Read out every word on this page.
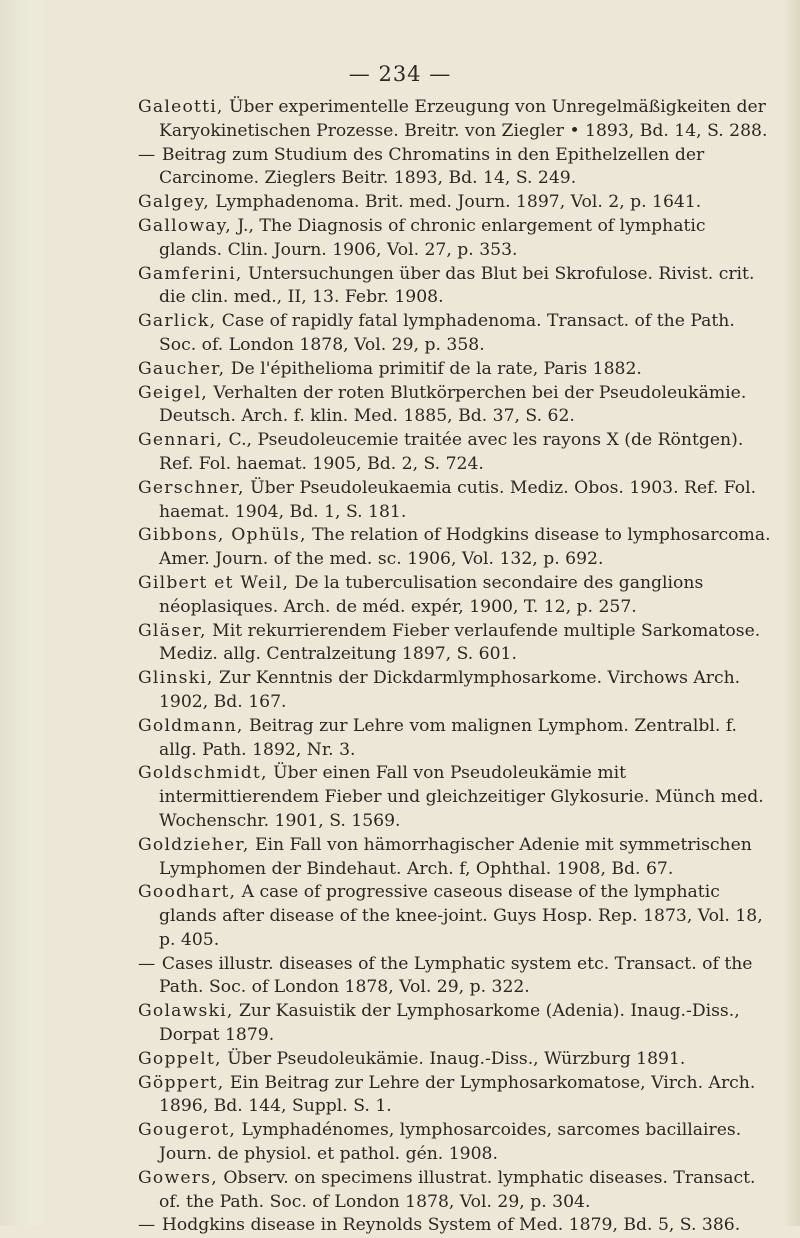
— 234 —

Galeotti, Über experimentelle Erzeugung von Unregelmäßigkeiten der Karyokinetischen Prozesse. Breitr. von Ziegler • 1893, Bd. 14, S. 288.

— Beitrag zum Studium des Chromatins in den Epithelzellen der Carcinome. Zieglers Beitr. 1893, Bd. 14, S. 249.

Galgey, Lymphadenoma. Brit. med. Journ. 1897, Vol. 2, p. 1641.

Galloway, J., The Diagnosis of chronic enlargement of lymphatic glands. Clin. Journ. 1906, Vol. 27, p. 353.

Gamferini, Untersuchungen über das Blut bei Skrofulose. Rivist. crit. die clin. med., II, 13. Febr. 1908.

Garlick, Case of rapidly fatal lymphadenoma. Transact. of the Path. Soc. of. London 1878, Vol. 29, p. 358.

Gaucher, De l'épithelioma primitif de la rate, Paris 1882.

Geigel, Verhalten der roten Blutkörperchen bei der Pseudoleukämie. Deutsch. Arch. f. klin. Med. 1885, Bd. 37, S. 62.

Gennari, C., Pseudoleucemie traitée avec les rayons X (de Röntgen). Ref. Fol. haemat. 1905, Bd. 2, S. 724.

Gerschner, Über Pseudoleukaemia cutis. Mediz. Obos. 1903. Ref. Fol. haemat. 1904, Bd. 1, S. 181.

Gibbons, Ophüls, The relation of Hodgkins disease to lymphosarcoma. Amer. Journ. of the med. sc. 1906, Vol. 132, p. 692.

Gilbert et Weil, De la tuberculisation secondaire des ganglions néoplasiques. Arch. de méd. expér, 1900, T. 12, p. 257.

Gläser, Mit rekurrierendem Fieber verlaufende multiple Sarkomatose. Mediz. allg. Centralzeitung 1897, S. 601.

Glinski, Zur Kenntnis der Dickdarmlymphosarkome. Virchows Arch. 1902, Bd. 167.

Goldmann, Beitrag zur Lehre vom malignen Lymphom. Zentralbl. f. allg. Path. 1892, Nr. 3.

Goldschmidt, Über einen Fall von Pseudoleukämie mit intermittierendem Fieber und gleichzeitiger Glykosurie. Münch med. Wochenschr. 1901, S. 1569.

Goldzieher, Ein Fall von hämorrhagischer Adenie mit symmetrischen Lymphomen der Bindehaut. Arch. f, Ophthal. 1908, Bd. 67.

Goodhart, A case of progressive caseous disease of the lymphatic glands after disease of the knee-joint. Guys Hosp. Rep. 1873, Vol. 18, p. 405.

— Cases illustr. diseases of the Lymphatic system etc. Transact. of the Path. Soc. of London 1878, Vol. 29, p. 322.

Golawski, Zur Kasuistik der Lymphosarkome (Adenia). Inaug.-Diss., Dorpat 1879.

Goppelt, Über Pseudoleukämie. Inaug.-Diss., Würzburg 1891.

Göppert, Ein Beitrag zur Lehre der Lymphosarkomatose, Virch. Arch. 1896, Bd. 144, Suppl. S. 1.

Gougerot, Lymphadénomes, lymphosarcoides, sarcomes bacillaires. Journ. de physiol. et pathol. gén. 1908.

Gowers, Observ. on specimens illustrat. lymphatic diseases. Transact. of. the Path. Soc. of London 1878, Vol. 29, p. 304.

— Hodgkins disease in Reynolds System of Med. 1879, Bd. 5, S. 386.
